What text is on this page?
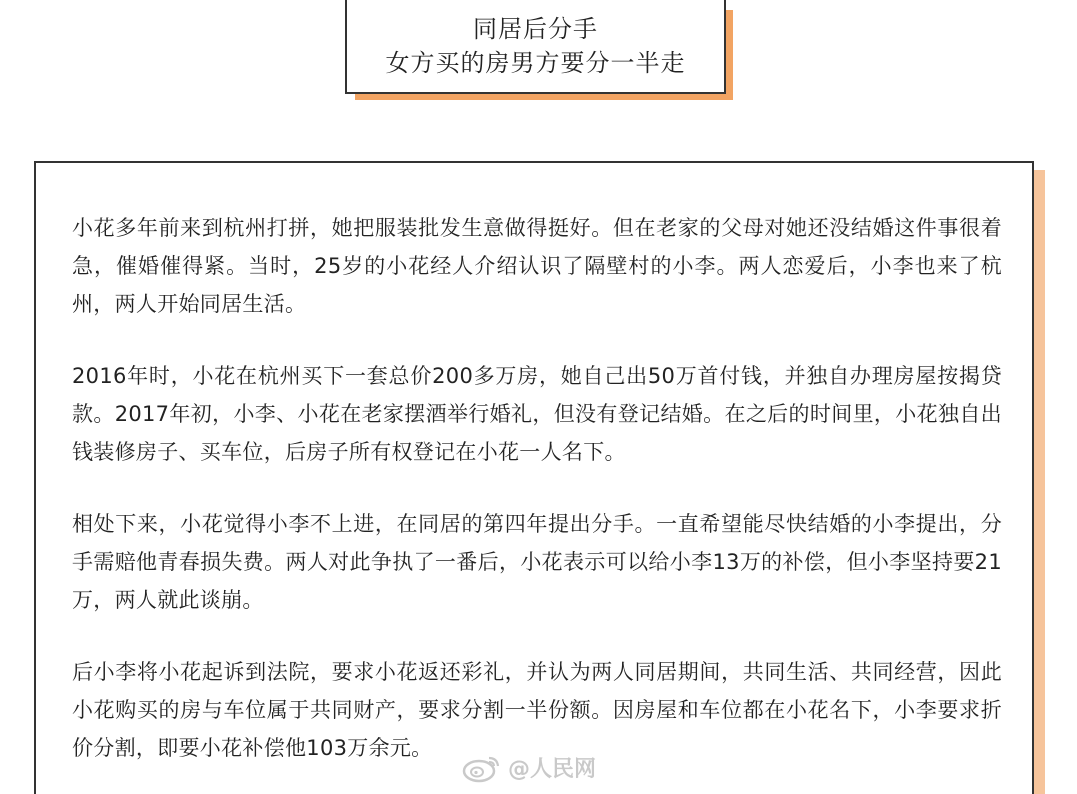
同居后分手
女方买的房男方要分一半走

小花多年前来到杭州打拼，她把服装批发生意做得挺好。但在老家的父母对她还没结婚这件事很着急，催婚催得紧。当时，25岁的小花经人介绍认识了隔壁村的小李。两人恋爱后，小李也来了杭州，两人开始同居生活。

2016年时，小花在杭州买下一套总价200多万房，她自己出50万首付钱，并独自办理房屋按揭贷款。2017年初，小李、小花在老家摆酒举行婚礼，但没有登记结婚。在之后的时间里，小花独自出钱装修房子、买车位，后房子所有权登记在小花一人名下。

相处下来，小花觉得小李不上进，在同居的第四年提出分手。一直希望能尽快结婚的小李提出，分手需赔他青春损失费。两人对此争执了一番后，小花表示可以给小李13万的补偿，但小李坚持要21万，两人就此谈崩。

后小李将小花起诉到法院，要求小花返还彩礼，并认为两人同居期间，共同生活、共同经营，因此小花购买的房与车位属于共同财产，要求分割一半份额。因房屋和车位都在小花名下，小李要求折价分割，即要小花补偿他103万余元。

@人民网
